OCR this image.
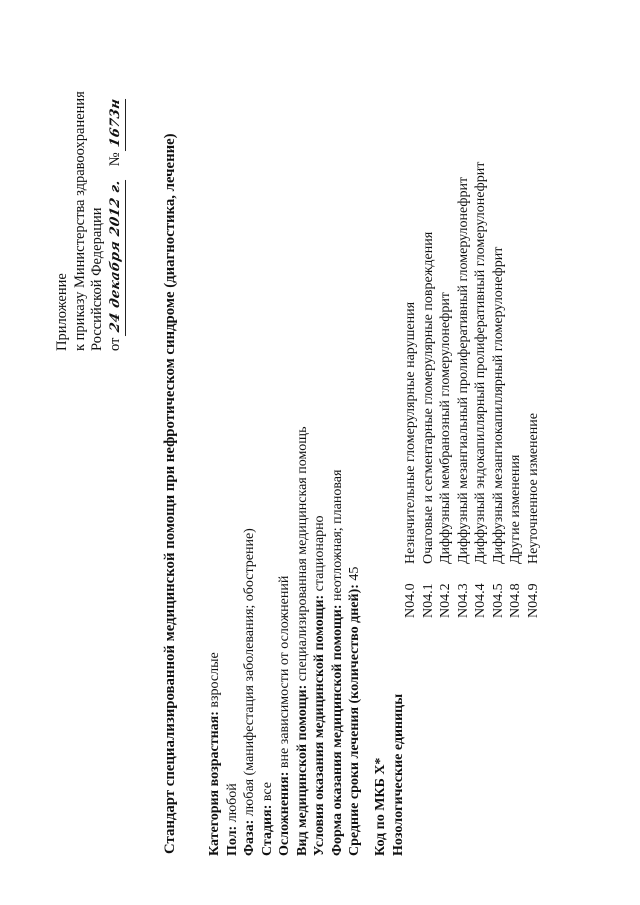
Приложение к приказу Министерства здравоохранения Российской Федерации от 24 декабря 2012 г. № 1673н
Стандарт специализированной медицинской помощи при нефротическом синдроме (диагностика, лечение) Категория возрастная: взрослые
Пол: любой
Фаза: любая (манифестация заболевания; обострение)
Стадия: все Осложнения: вне зависимости от осложнений Вид медицинской помощи: специализированная медицинская помощь
Условия оказания медицинской помощи: стационарно
Форма оказания медицинской помощи: неотложная; плановая
Средние сроки лечения (количество дней): 45
Код по МКБ X* Нозологические единицы
N04.0
Незначительные гломерулярные нарушения
N04.1
Очаговые и сегментарные гломерулярные повреждения
N04.2
Диффузный мембранозный гломерулонефрит
N04.3
Диффузный мезангиальный пролиферативный гломерулонефрит
N04.4
Диффузный эндокапиллярный пролиферативный гломерулонефрит
N04.5
Диффузный мезангиокапиллярный гломерулонефрит
N04.8
Другие изменения
N04.9
Неуточненное изменение
